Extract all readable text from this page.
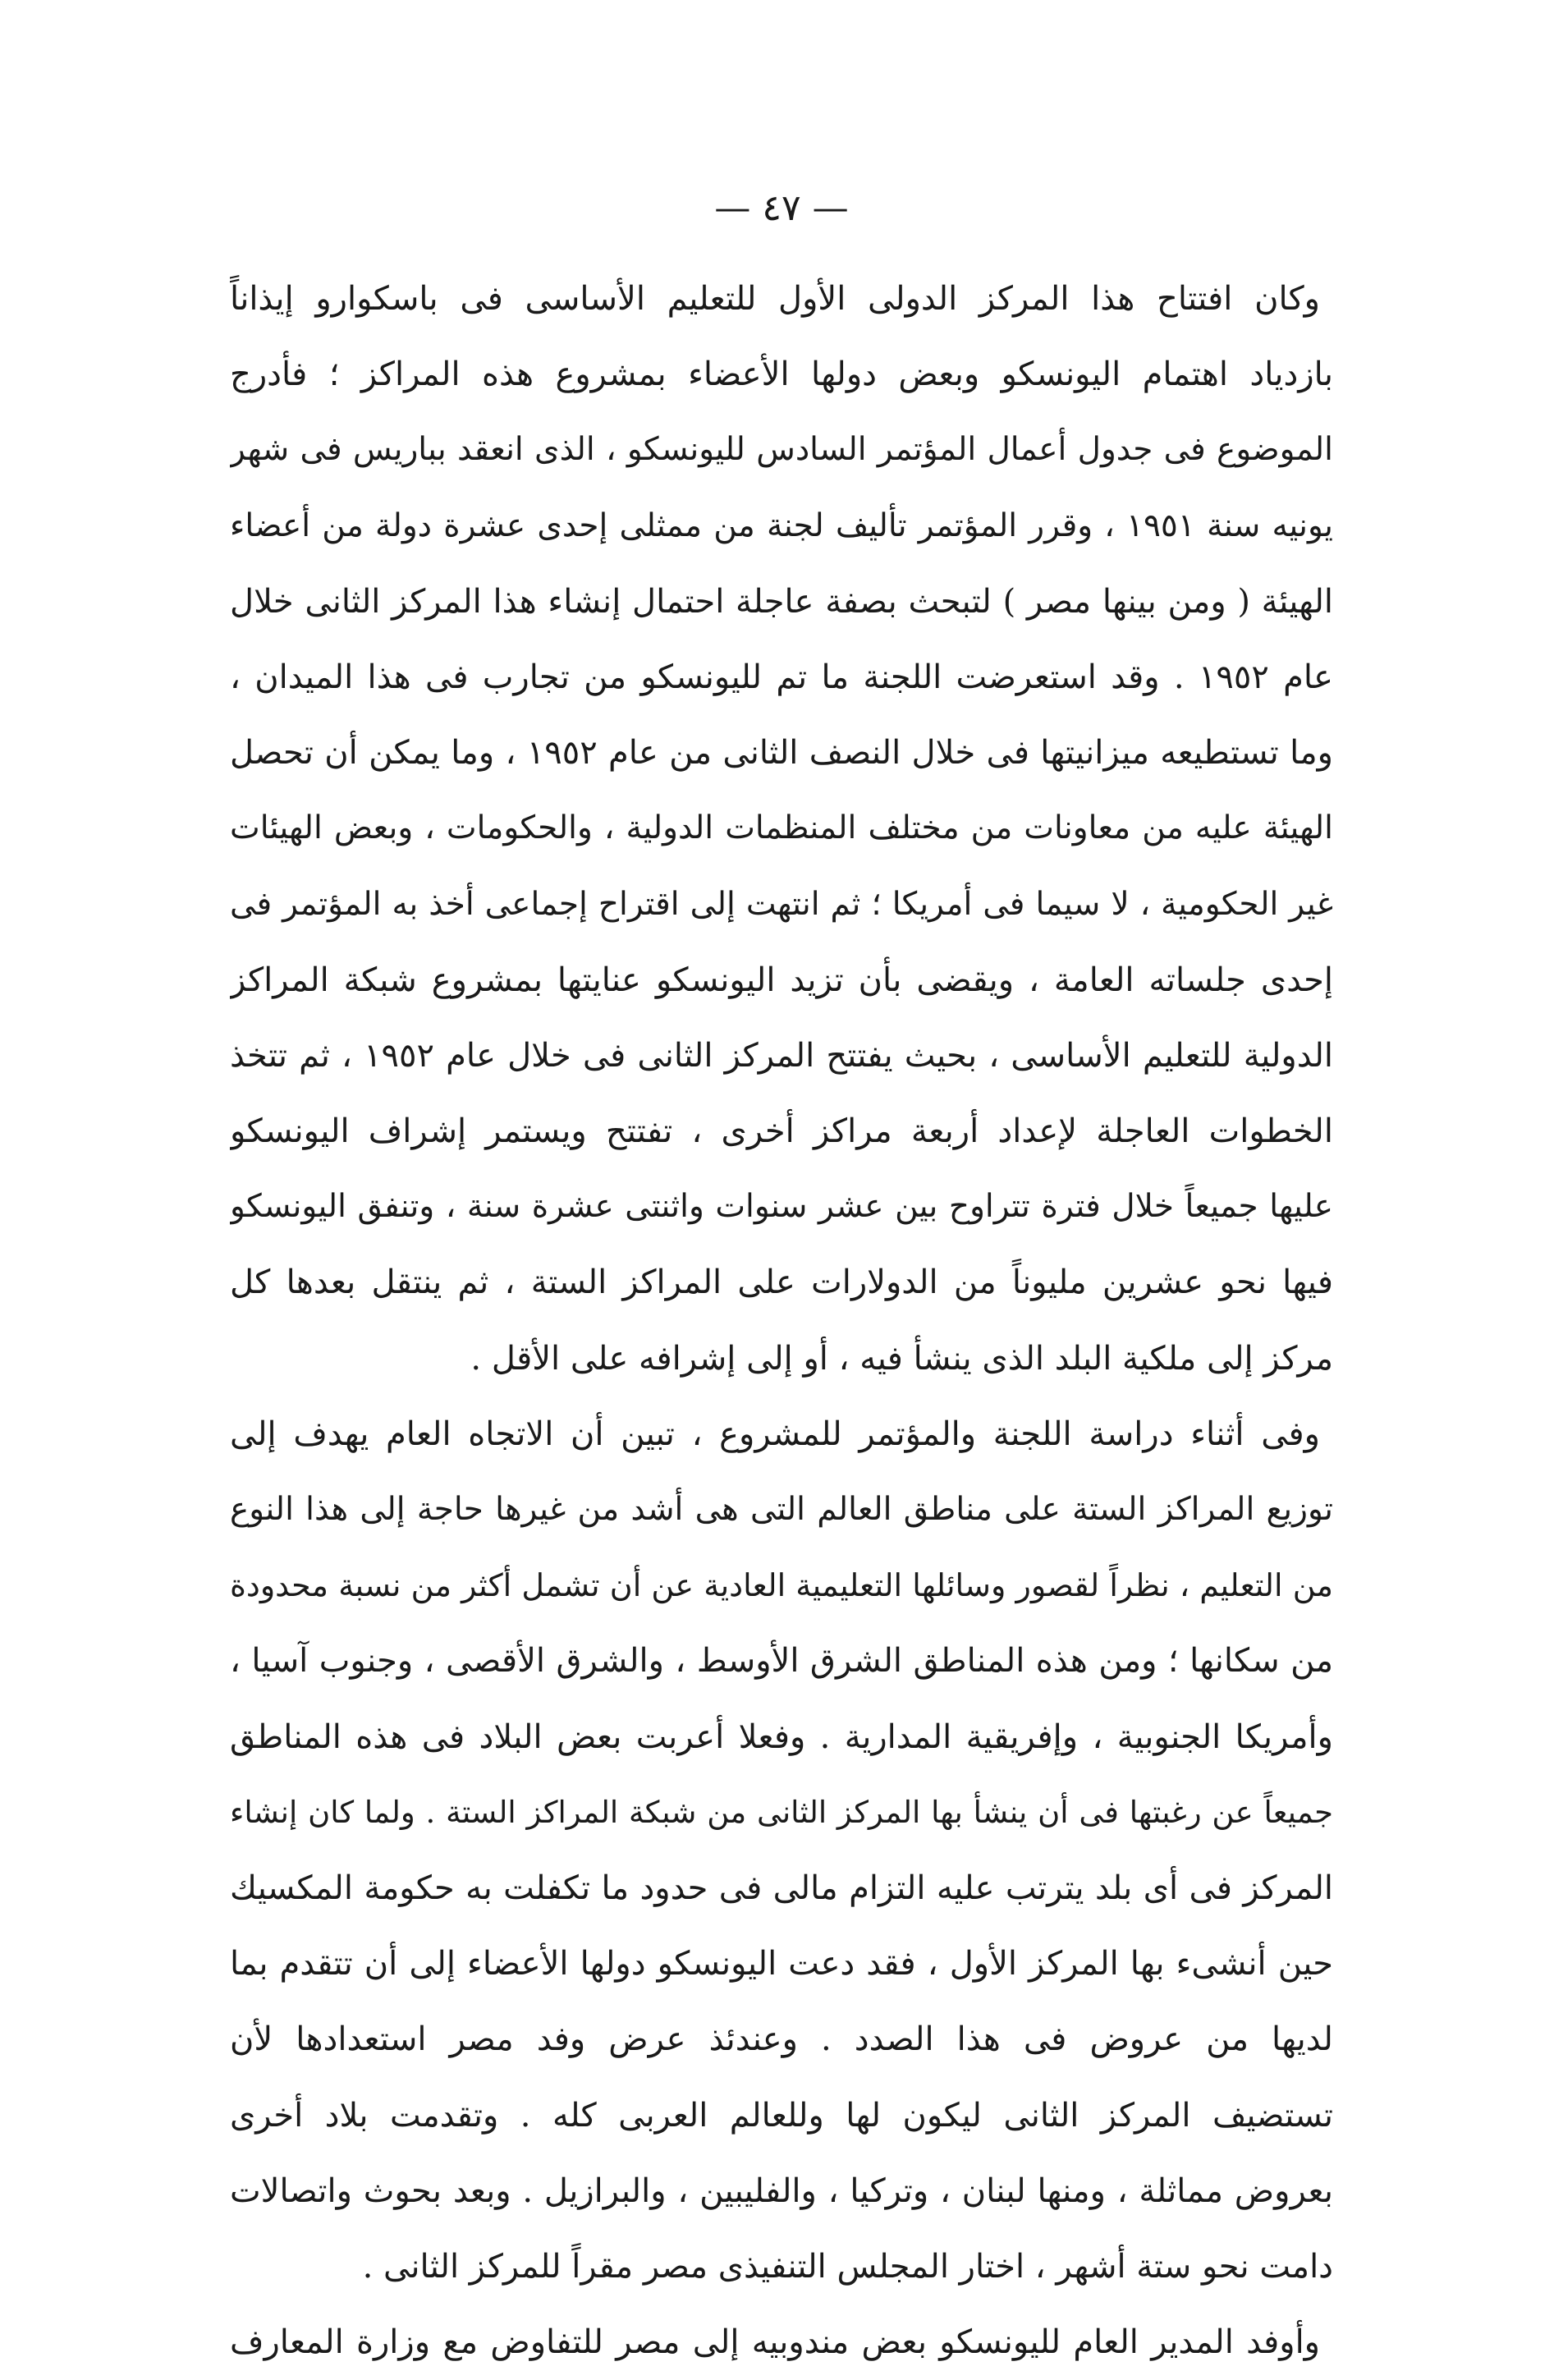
— ٤٧ —
وكان افتتاح هذا المركز الدولى الأول للتعليم الأساسى فى باسكوارو إيذاناً
بازدياد اهتمام اليونسكو وبعض دولها الأعضاء بمشروع هذه المراكز ؛ فأدرج
الموضوع فى جدول أعمال المؤتمر السادس لليونسكو ، الذى انعقد بباريس فى شهر
يونيه سنة ١٩٥١ ، وقرر المؤتمر تأليف لجنة من ممثلى إحدى عشرة دولة من أعضاء
الهيئة ( ومن بينها مصر ) لتبحث بصفة عاجلة احتمال إنشاء هذا المركز الثانى خلال
عام ١٩٥٢ . وقد استعرضت اللجنة ما تم لليونسكو من تجارب فى هذا الميدان ،
وما تستطيعه ميزانيتها فى خلال النصف الثانى من عام ١٩٥٢ ، وما يمكن أن تحصل
الهيئة عليه من معاونات من مختلف المنظمات الدولية ، والحكومات ، وبعض الهيئات
غير الحكومية ، لا سيما فى أمريكا ؛ ثم انتهت إلى اقتراح إجماعى أخذ به المؤتمر فى
إحدى جلساته العامة ، ويقضى بأن تزيد اليونسكو عنايتها بمشروع شبكة المراكز
الدولية للتعليم الأساسى ، بحيث يفتتح المركز الثانى فى خلال عام ١٩٥٢ ، ثم تتخذ
الخطوات العاجلة لإعداد أربعة مراكز أخرى ، تفتتح ويستمر إشراف اليونسكو
عليها جميعاً خلال فترة تتراوح بين عشر سنوات واثنتى عشرة سنة ، وتنفق اليونسكو
فيها نحو عشرين مليوناً من الدولارات على المراكز الستة ، ثم ينتقل بعدها كل
مركز إلى ملكية البلد الذى ينشأ فيه ، أو إلى إشرافه على الأقل .
وفى أثناء دراسة اللجنة والمؤتمر للمشروع ، تبين أن الاتجاه العام يهدف إلى
توزيع المراكز الستة على مناطق العالم التى هى أشد من غيرها حاجة إلى هذا النوع
من التعليم ، نظراً لقصور وسائلها التعليمية العادية عن أن تشمل أكثر من نسبة محدودة
من سكانها ؛ ومن هذه المناطق الشرق الأوسط ، والشرق الأقصى ، وجنوب آسيا ،
وأمريكا الجنوبية ، وإفريقية المدارية . وفعلا أعربت بعض البلاد فى هذه المناطق
جميعاً عن رغبتها فى أن ينشأ بها المركز الثانى من شبكة المراكز الستة . ولما كان إنشاء
المركز فى أى بلد يترتب عليه التزام مالى فى حدود ما تكفلت به حكومة المكسيك
حين أنشىء بها المركز الأول ، فقد دعت اليونسكو دولها الأعضاء إلى أن تتقدم بما
لديها من عروض فى هذا الصدد . وعندئذ عرض وفد مصر استعدادها لأن
تستضيف المركز الثانى ليكون لها وللعالم العربى كله . وتقدمت بلاد أخرى
بعروض مماثلة ، ومنها لبنان ، وتركيا ، والفليبين ، والبرازيل . وبعد بحوث واتصالات
دامت نحو ستة أشهر ، اختار المجلس التنفيذى مصر مقراً للمركز الثانى .
وأوفد المدير العام لليونسكو بعض مندوبيه إلى مصر للتفاوض مع وزارة المعارف
